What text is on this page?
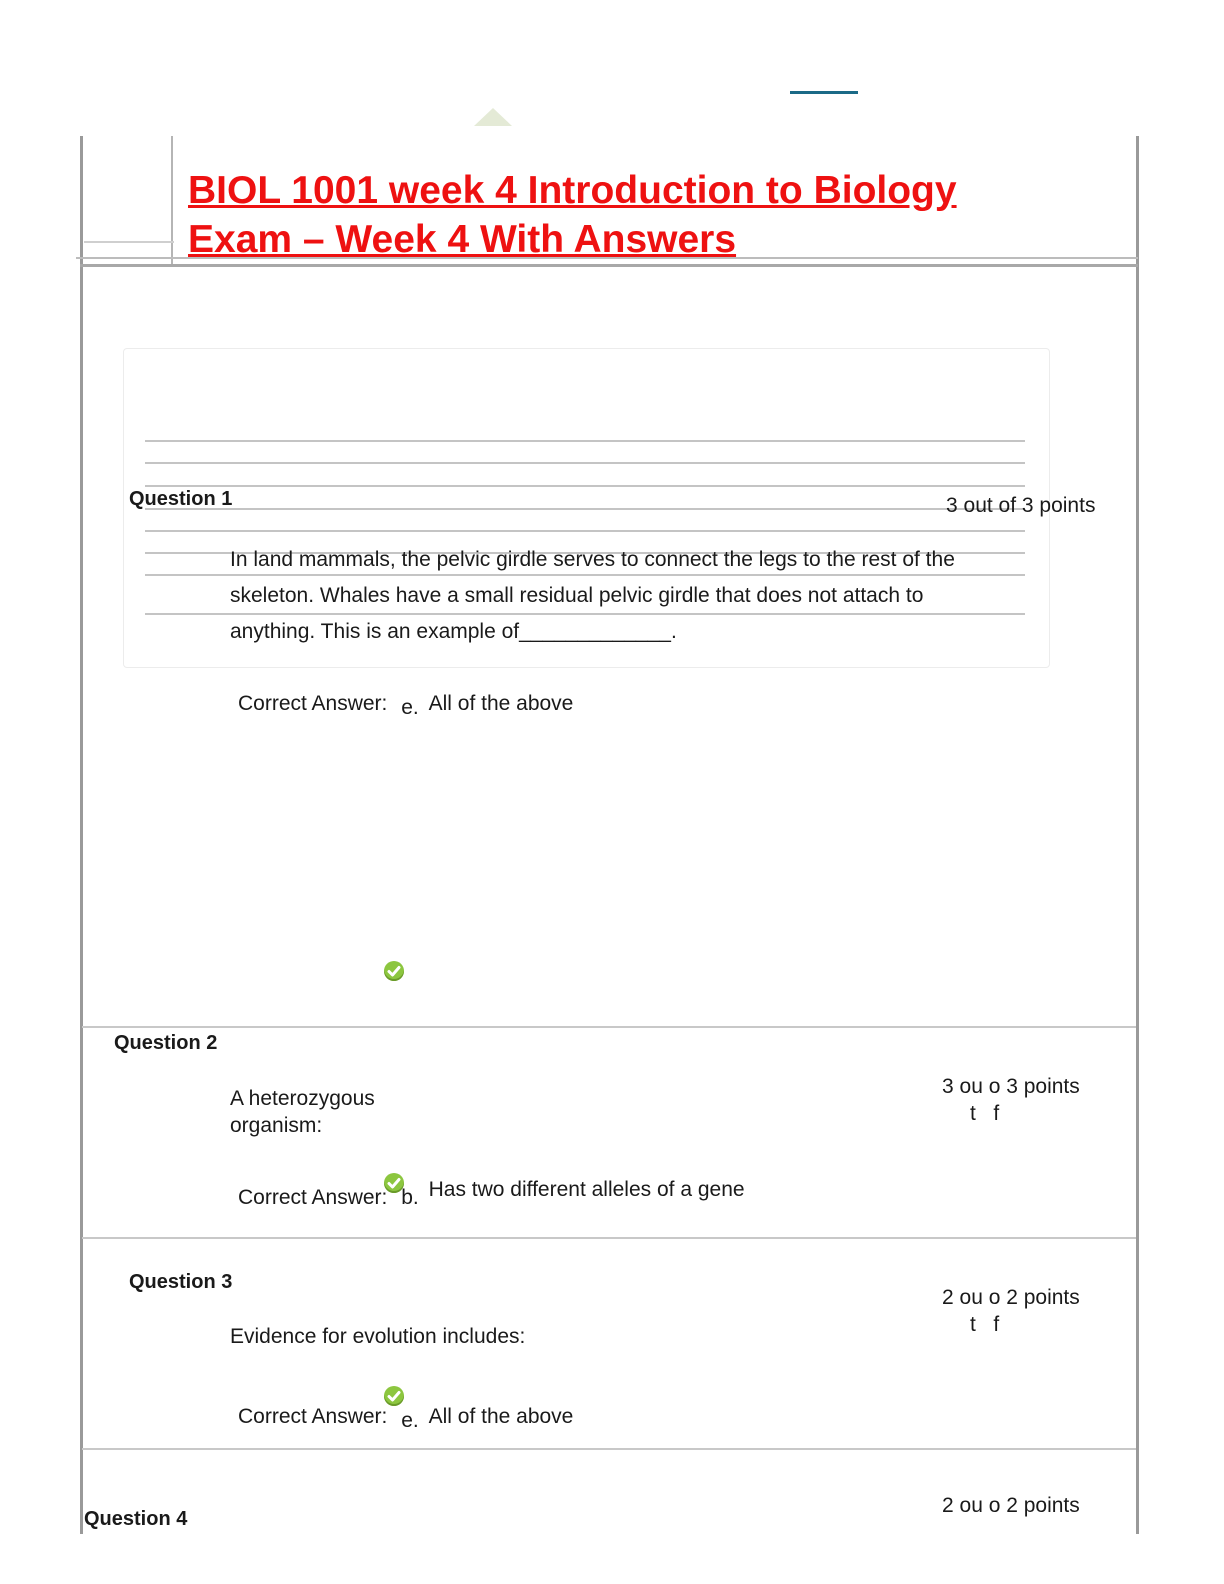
BIOL 1001 week 4 Introduction to Biology
Exam – Week 4 With Answers
Question 1	3 out of 3 points
In land mammals, the pelvic girdle serves to connect the legs to the rest of the
skeleton. Whales have a small residual pelvic girdle that does not attach to
anything. This is an example of_____________.
Correct Answer: e. All of the above
Question 2
3 ou o 3 points
t   f
A heterozygous
organism:
Correct Answer: b. Has two different alleles of a gene
Question 3
2 ou o 2 points
t   f
Evidence for evolution includes:
Correct Answer: e. All of the above
Question 4
2 ou o 2 points
